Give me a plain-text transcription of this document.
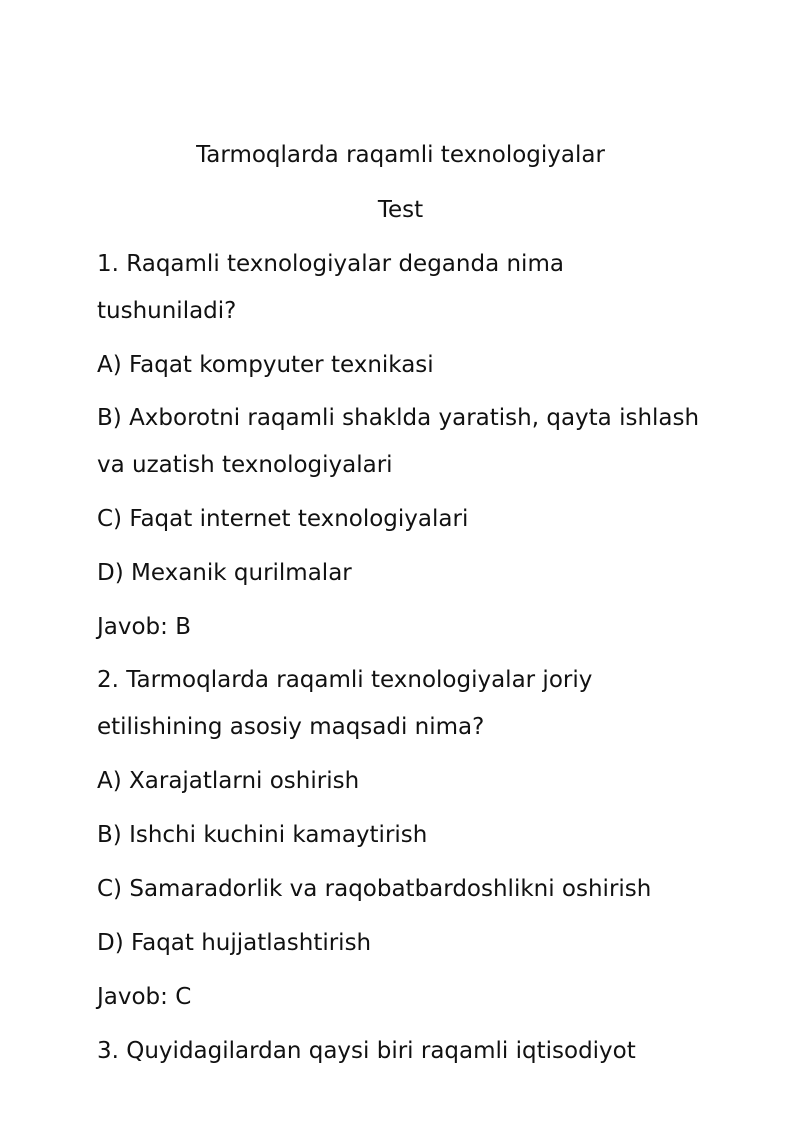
Tarmoqlarda raqamli texnologiyalar

Test

1. Raqamli texnologiyalar deganda nima tushuniladi?

A) Faqat kompyuter texnikasi

B) Axborotni raqamli shaklda yaratish, qayta ishlash va uzatish texnologiyalari

C) Faqat internet texnologiyalari

D) Mexanik qurilmalar

Javob: B

2. Tarmoqlarda raqamli texnologiyalar joriy etilishining asosiy maqsadi nima?

A) Xarajatlarni oshirish

B) Ishchi kuchini kamaytirish

C) Samaradorlik va raqobatbardoshlikni oshirish

D) Faqat hujjatlashtirish

Javob: C

3. Quyidagilardan qaysi biri raqamli iqtisodiyot
